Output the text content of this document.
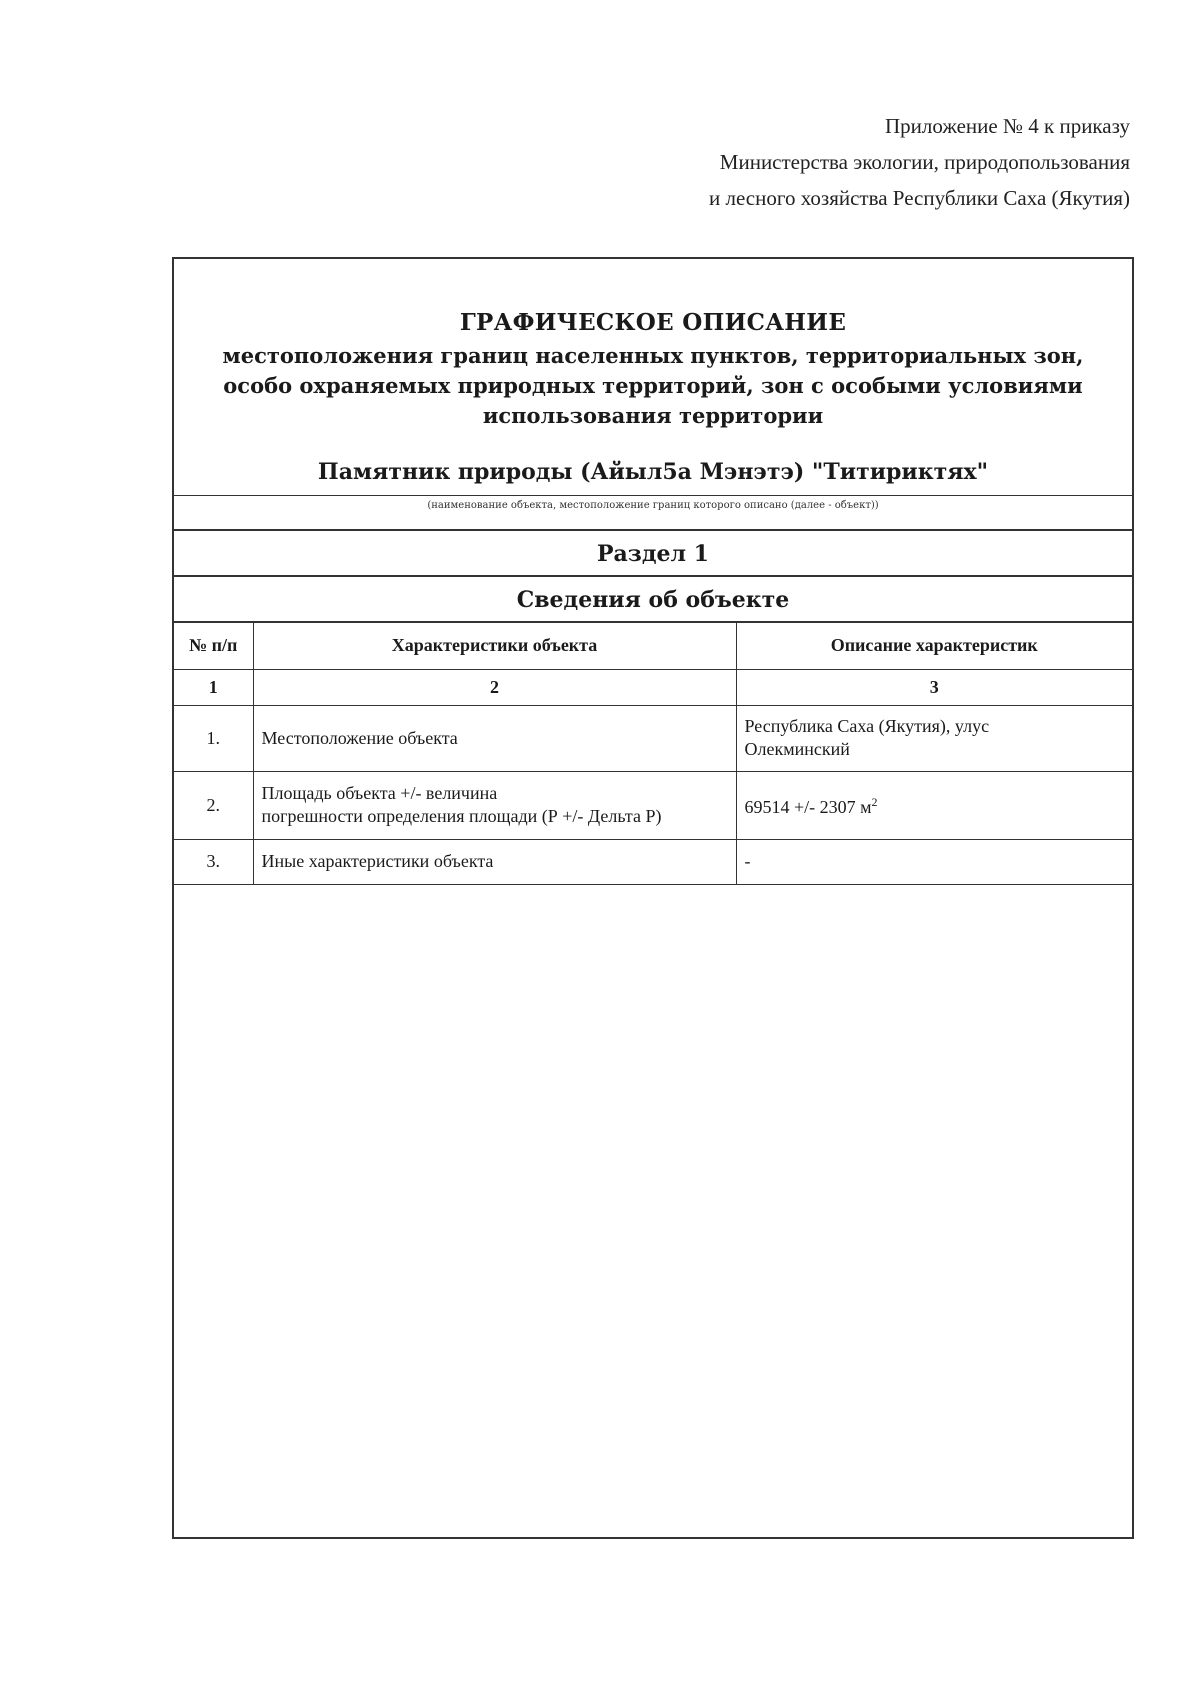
Приложение № 4 к приказу
Министерства экологии, природопользования
и лесного хозяйства Республики Саха (Якутия)
ГРАФИЧЕСКОЕ ОПИСАНИЕ
местоположения границ населенных пунктов, территориальных зон,
особо охраняемых природных территорий, зон с особыми условиями
использования территории
Памятник природы (Айыл5а Мэнэтэ) "Титириктях"
(наименование объекта, местоположение границ которого описано (далее - объект))
Раздел 1
Сведения об объекте
№ п/п	Характеристики объекта	Описание характеристик
1	2	3
1.	Местоположение объекта	Республика Саха (Якутия), улус
Олекминский

2.	Площадь объекта +/- величина
погрешности определения площади (Р +/- Дельта Р)	69514 +/- 2307 $м^2$
3.	Иные характеристики объекта	-
